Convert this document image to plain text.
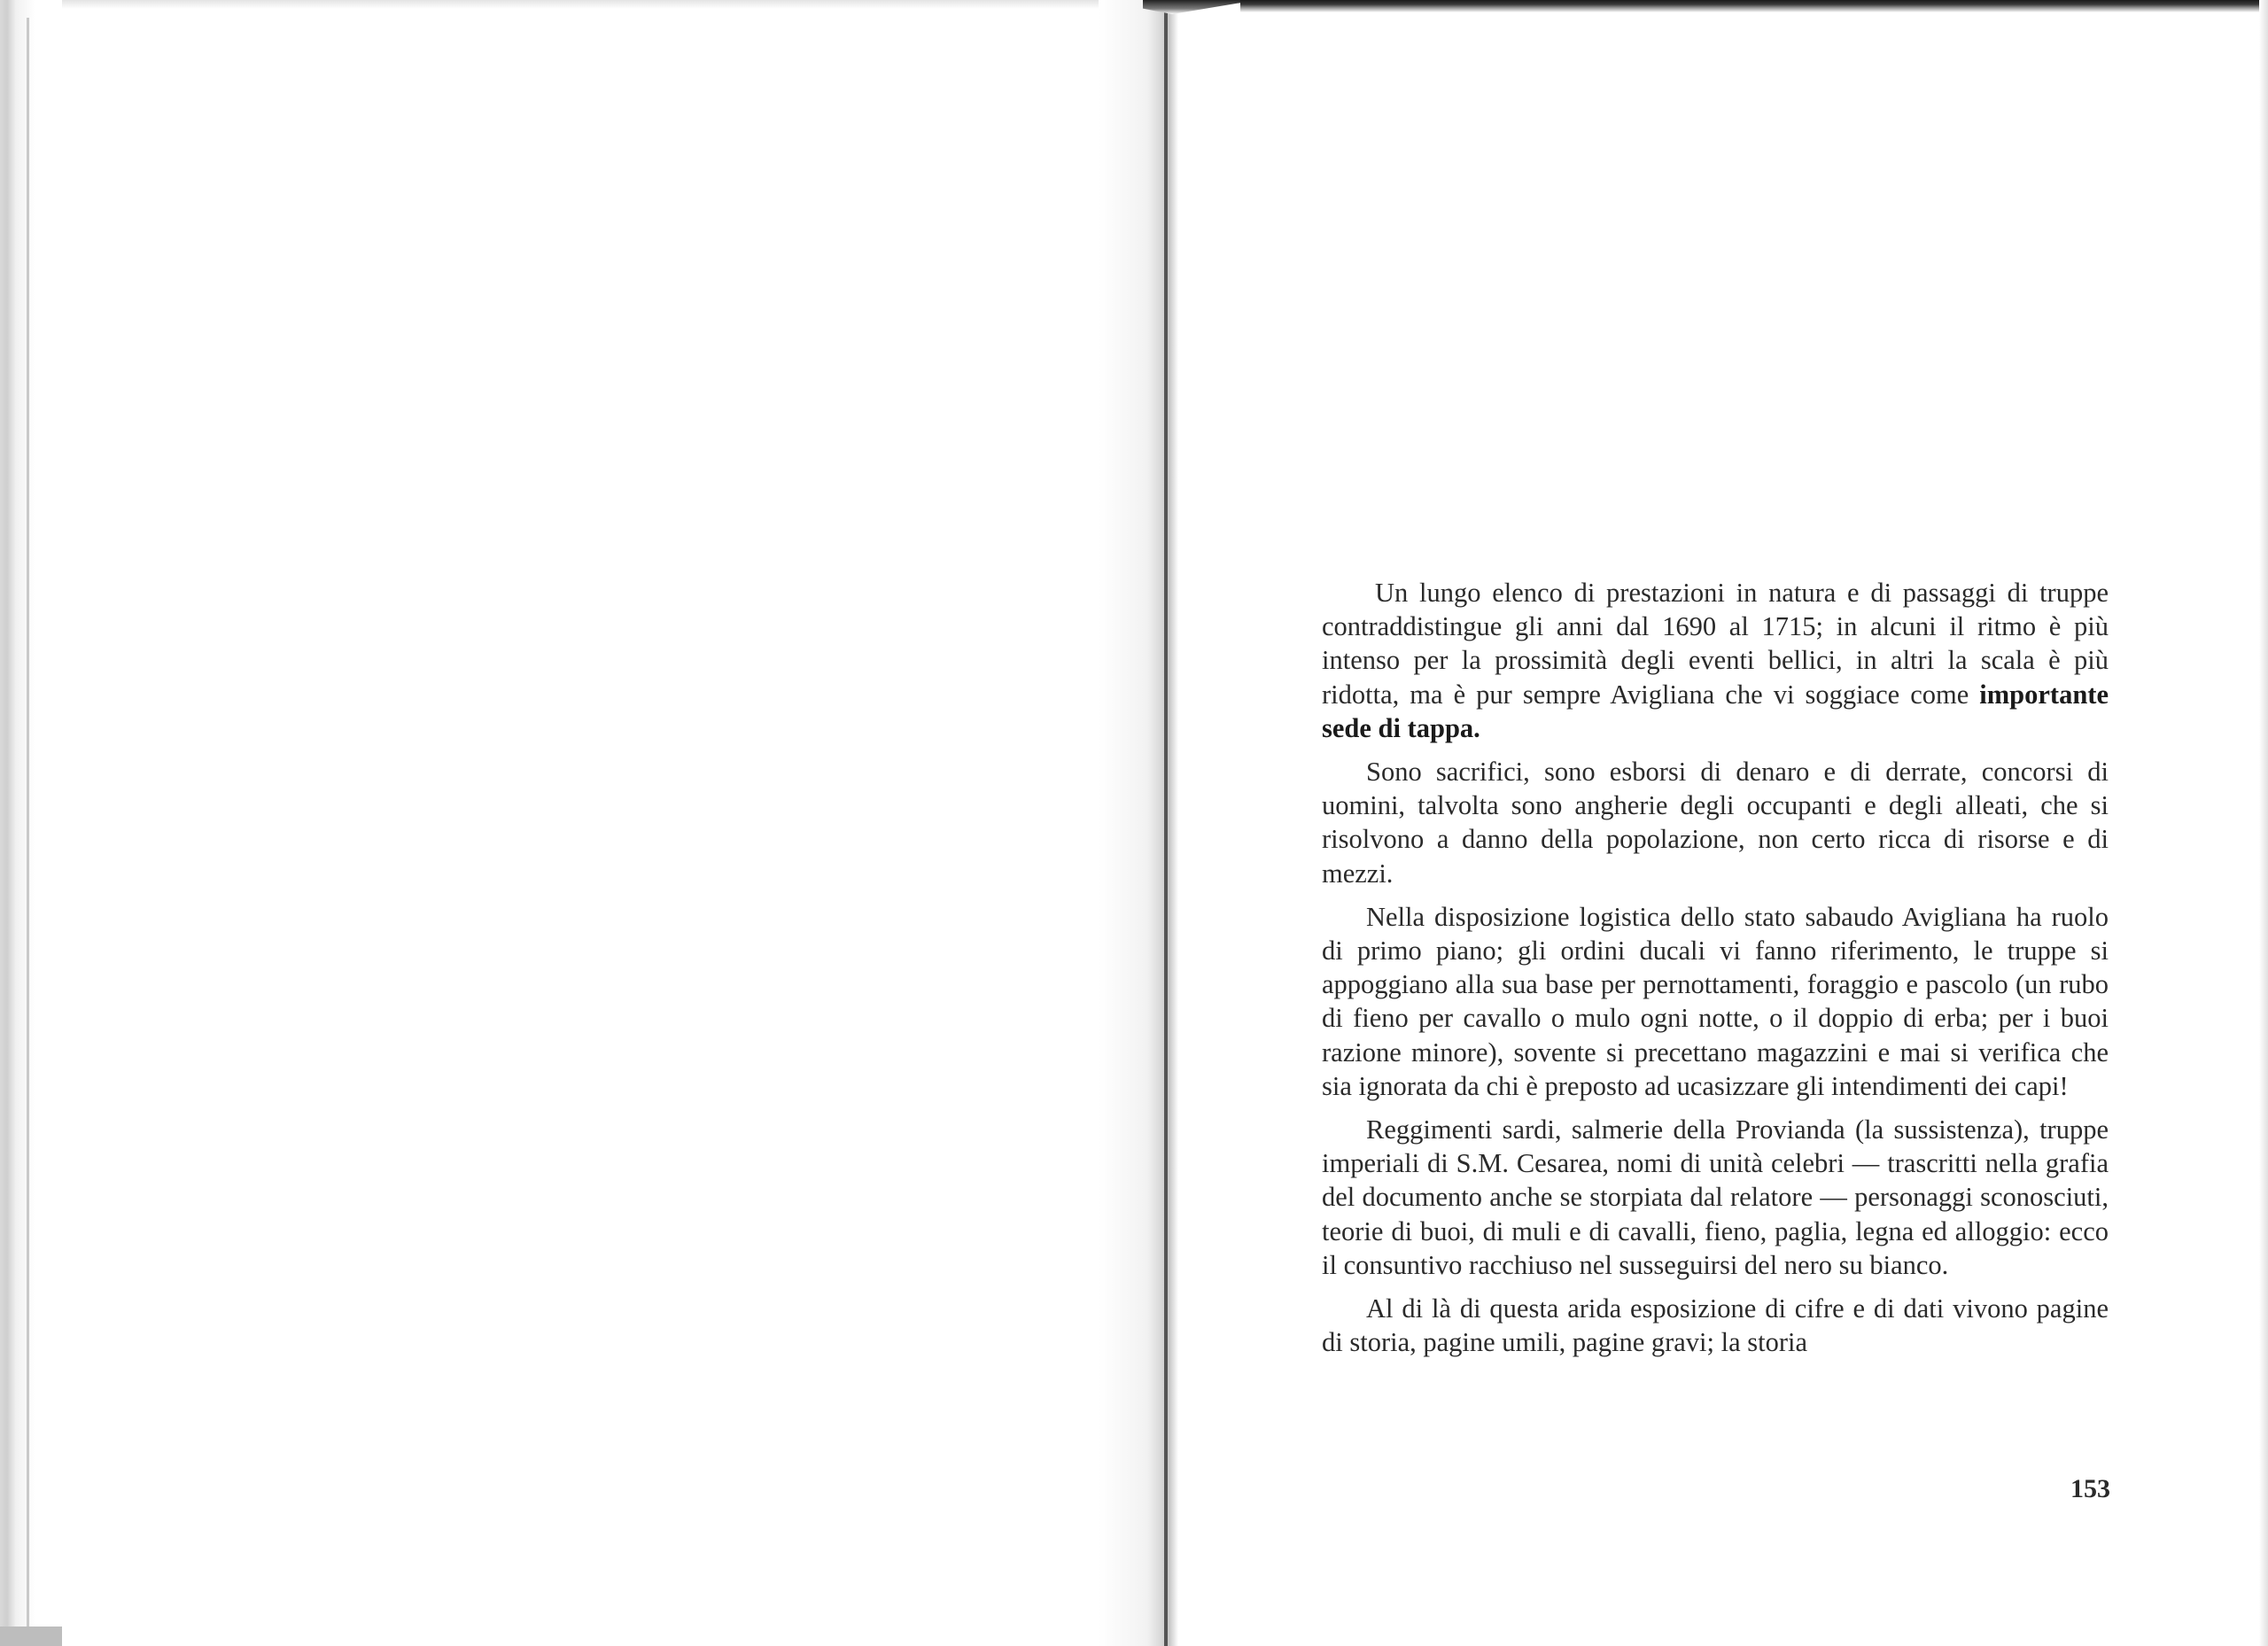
Un lungo elenco di prestazioni in natura e di passaggi di truppe contraddistingue gli anni dal 1690 al 1715; in alcuni il ritmo è più intenso per la prossimità degli eventi bellici, in altri la scala è più ridotta, ma è pur sempre Avigliana che vi soggiace come importante sede di tappa.

Sono sacrifici, sono esborsi di denaro e di derrate, concorsi di uomini, talvolta sono angherie degli occupanti e degli alleati, che si risolvono a danno della popolazione, non certo ricca di risorse e di mezzi.

Nella disposizione logistica dello stato sabaudo Avigliana ha ruolo di primo piano; gli ordini ducali vi fanno riferimento, le truppe si appoggiano alla sua base per pernottamenti, foraggio e pascolo (un rubo di fieno per cavallo o mulo ogni notte, o il doppio di erba; per i buoi razione minore), sovente si precettano magazzini e mai si verifica che sia ignorata da chi è preposto ad ucasizzare gli intendimenti dei capi!

Reggimenti sardi, salmerie della Provianda (la sussistenza), truppe imperiali di S.M. Cesarea, nomi di unità celebri — trascritti nella grafia del documento anche se storpiata dal relatore — personaggi sconosciuti, teorie di buoi, di muli e di cavalli, fieno, paglia, legna ed alloggio: ecco il consuntivo racchiuso nel susseguirsi del nero su bianco.

Al di là di questa arida esposizione di cifre e di dati vivono pagine di storia, pagine umili, pagine gravi; la storia

153
